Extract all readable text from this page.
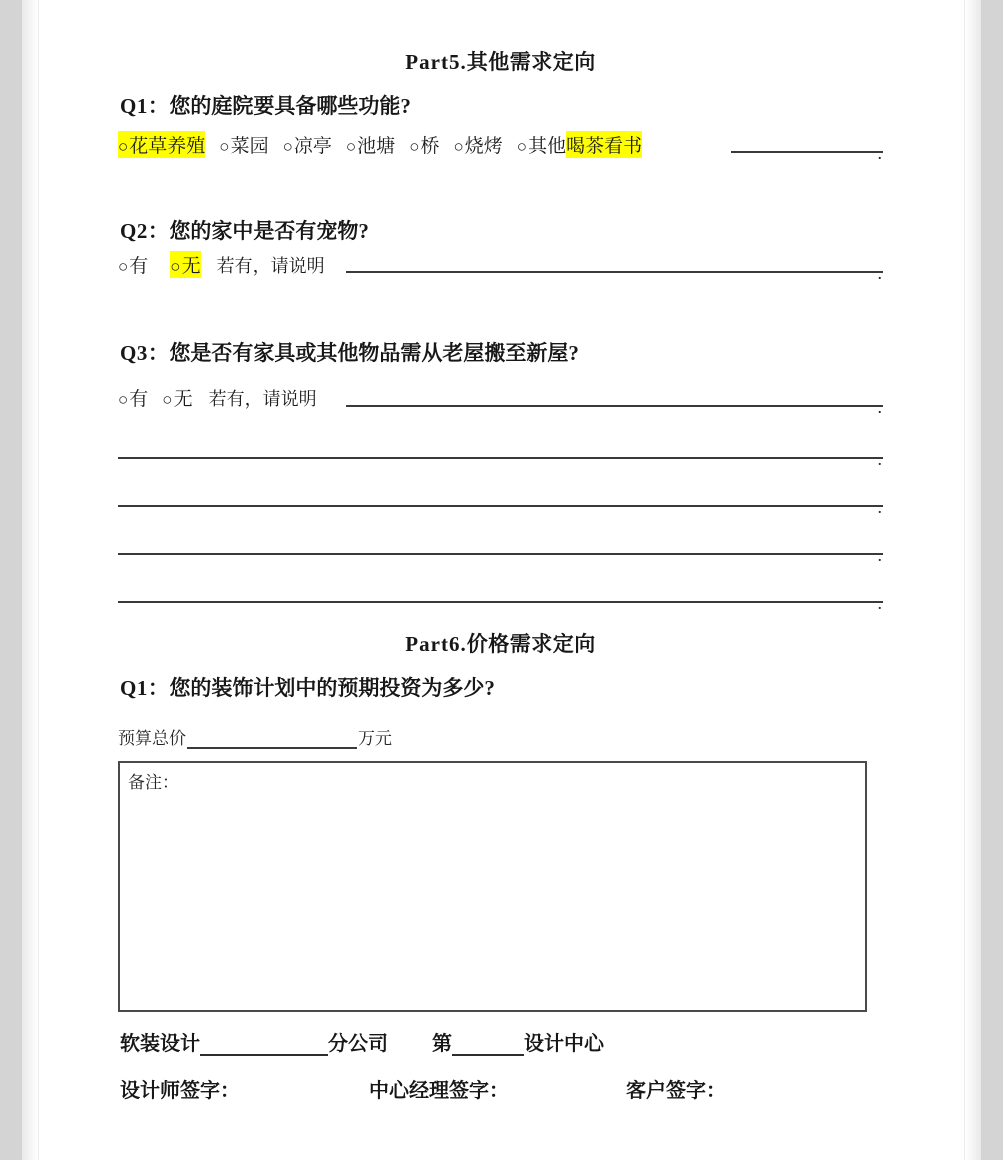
Part5.其他需求定向
Q1：您的庭院要具备哪些功能?
○ 花草养殖 ○ 菜园 ○ 凉亭 ○ 池塘 ○ 桥 ○ 烧烤 ○ 其他 喝茶看书	.
Q2：您的家中是否有宠物?
○ 有 ○ 无 若有，请说明	.
Q3：您是否有家具或其他物品需从老屋搬至新屋?
○ 有 ○ 无 若有，请说明	.
.
.
.
.
Part6.价格需求定向
Q1：您的装饰计划中的预期投资为多少?
预算总价	万元
备注：
软装设计	分公司 第	设计中心
设计师签字：	中心经理签字：	客户签字：
